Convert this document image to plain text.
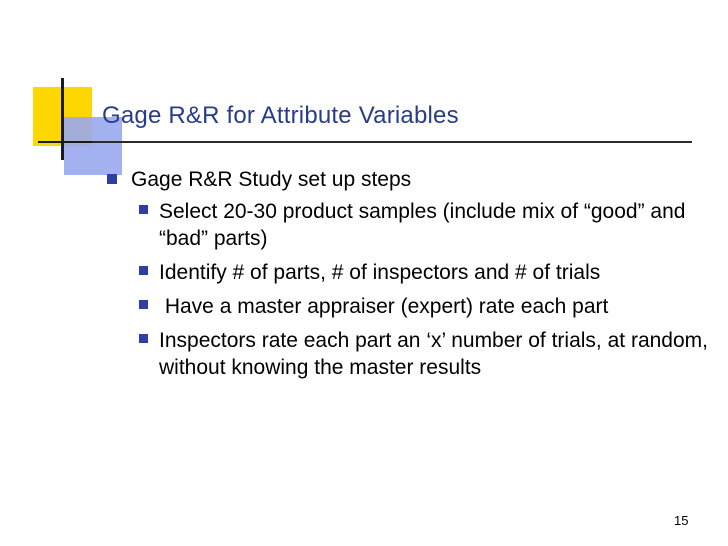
Gage R&R for Attribute Variables
Gage R&R Study set up steps
Select 20-30 product samples (include mix of “good” and “bad” parts)
Identify # of parts, # of inspectors and # of trials
Have a master appraiser (expert) rate each part
Inspectors rate each part an ‘x’ number of trials, at random, without knowing the master results
15
